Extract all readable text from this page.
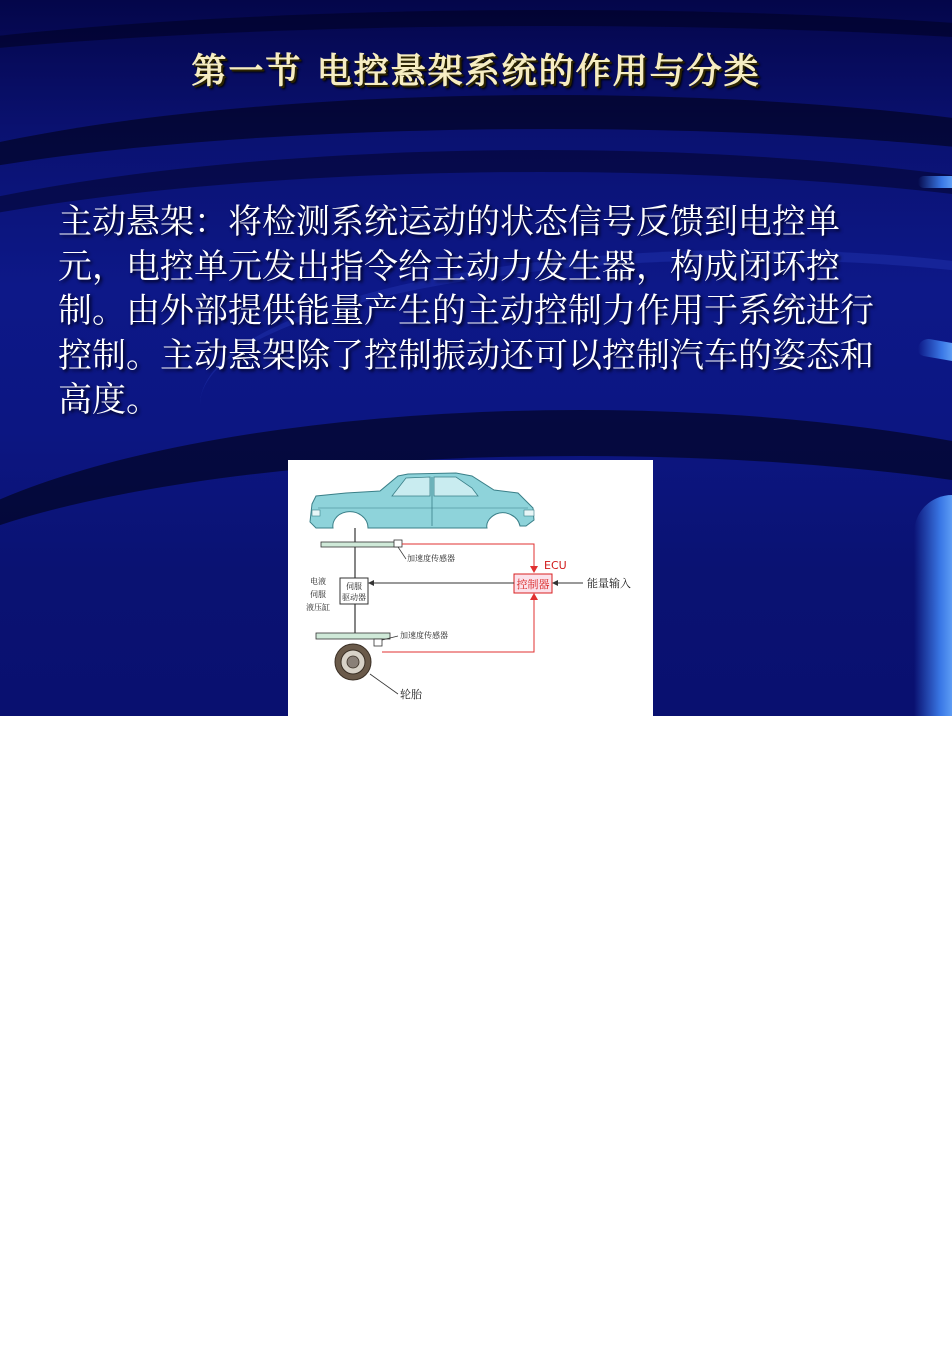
第一节 电控悬架系统的作用与分类

主动悬架：将检测系统运动的状态信号反馈到电控单元，电控单元发出指令给主动力发生器，构成闭环控制。由外部提供能量产生的主动控制力作用于系统进行控制。主动悬架除了控制振动还可以控制汽车的姿态和高度。

加速度传感器
ECU
控制器	能量输入
伺服
驱动器
电液
伺服
液压缸
加速度传感器
轮胎
